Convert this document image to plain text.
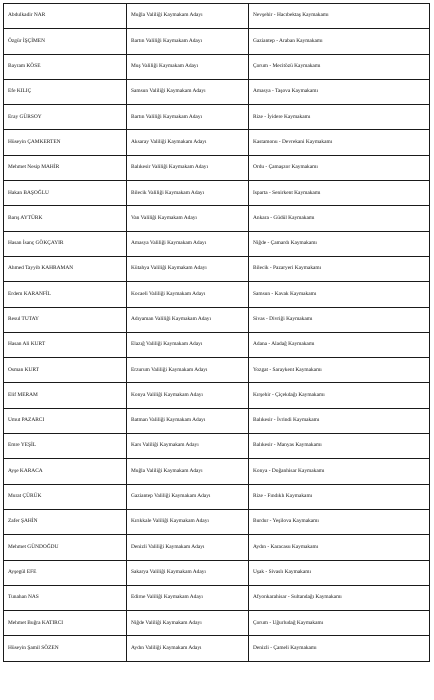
Abdulkadir NAR	Muğla Valiliği Kaymakam Adayı	Nevşehir - Hacıbektaş Kaymakamı
Özgür İŞÇİMEN	Bartın Valiliği Kaymakam Adayı	Gaziantep - Araban Kaymakamı
Bayram KÖSE	Muş Valiliği Kaymakam Adayı	Çorum - Mecitözü Kaymakamı
Efe KILIÇ	Samsun Valiliği Kaymakam Adayı	Amasya - Taşova Kaymakamı
Eray GÜRSOY	Bartın Valiliği Kaymakam Adayı	Rize - İyidere Kaymakamı
Hüseyin ÇAMKERTEN	Aksaray Valiliği Kaymakam Adayı	Kastamonu - Devrekani Kaymakamı
Mehmet Nesip MAHİR	Balıkesir Valiliği Kaymakam Adayı	Ordu - Çamaşzor Kaymakamı
Hakan BAŞOĞLU	Bilecik Valiliği Kaymakam Adayı	Isparta - Senirkent Kaymakamı
Barış AYTÜRK	Van Valiliği Kaymakam Adayı	Ankara - Güdül Kaymakamı
Hasan İsanç GÖKÇAYIR	Amasya Valiliği Kaymakam Adayı	Niğde - Çamardı Kaymakamı
Ahmed Tayyib KAHRAMAN	Kütahya Valiliği Kaymakam Adayı	Bilecik - Pazaryeri Kaymakamı
Erdem KARANFİL	Kocaeli Valiliği Kaymakam Adayı	Samsun - Kavak Kaymakamı
Resul TUTAY	Adıyaman Valiliği Kaymakam Adayı	Sivas - Divriği Kaymakamı
Hasan Ali KURT	Elazığ Valiliği Kaymakam Adayı	Adana - Aladağ Kaymakamı
Osman KURT	Erzurum Valiliği Kaymakam Adayı	Yozgat - Saraykent Kaymakamı
Elif MERAM	Konya Valiliği Kaymakam Adayı	Kırşehir - Çiçekdağı Kaymakamı
Umut PAZARCI	Batman Valiliği Kaymakam Adayı	Balıkesir - İvrindi Kaymakamı
Emre YEŞİL	Kars Valiliği Kaymakam Adayı	Balıkesir - Manyas Kaymakamı
Ayşe KARACA	Muğla Valiliği Kaymakam Adayı	Konya - Doğanhisar Kaymakamı
Murat ÇÜRÜK	Gaziantep Valiliği Kaymakam Adayı	Rize - Fındıklı Kaymakamı
Zafer ŞAHİN	Kırıkkale Valiliği Kaymakam Adayı	Burdur - Yeşilova Kaymakamı
Mehmet GÜNDOĞDU	Denizli Valiliği Kaymakam Adayı	Aydın - Karacasu Kaymakamı
Ayşegül EFE	Sakarya Valiliği Kaymakam Adayı	Uşak - Sivaslı Kaymakamı
Tunahan NAS	Edirne Valiliği Kaymakam Adayı	Afyonkarahisar - Sultandağı Kaymakamı
Mehmet Buğra KATIRCI	Niğde Valiliği Kaymakam Adayı	Çorum - Uğurludağ Kaymakamı
Hüseyin Şamil SÖZEN	Aydın Valiliği Kaymakam Adayı	Denizli - Çameli Kaymakamı
